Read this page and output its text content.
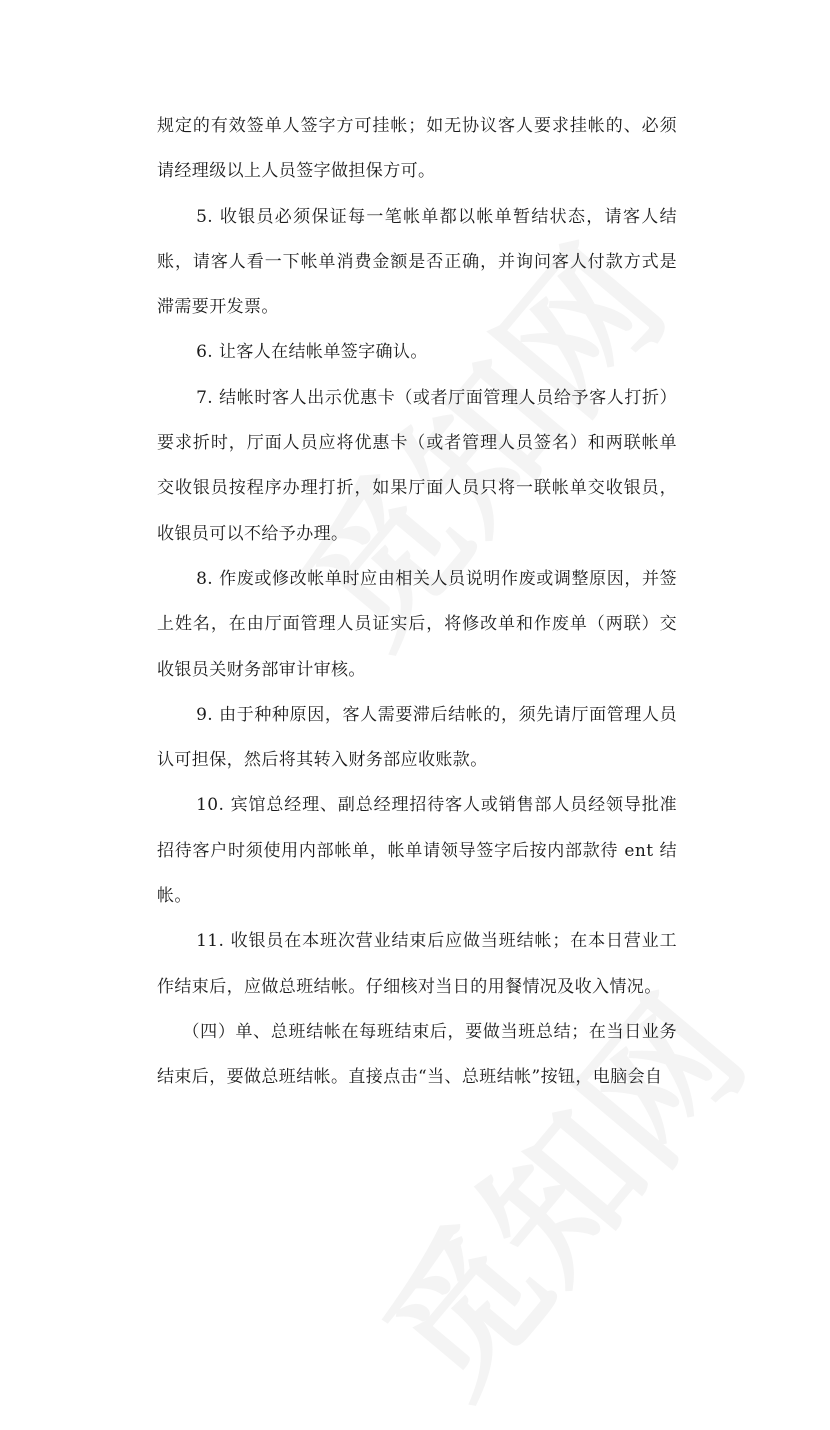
规定的有效签单人签字方可挂帐；如无协议客人要求挂帐的、必须请经理级以上人员签字做担保方可。

5. 收银员必须保证每一笔帐单都以帐单暂结状态，请客人结账，请客人看一下帐单消费金额是否正确，并询问客人付款方式是滞需要开发票。

6. 让客人在结帐单签字确认。

7. 结帐时客人出示优惠卡（或者厅面管理人员给予客人打折）要求折时，厅面人员应将优惠卡（或者管理人员签名）和两联帐单交收银员按程序办理打折，如果厅面人员只将一联帐单交收银员，收银员可以不给予办理。

8. 作废或修改帐单时应由相关人员说明作废或调整原因，并签上姓名，在由厅面管理人员证实后，将修改单和作废单（两联）交收银员关财务部审计审核。

9. 由于种种原因，客人需要滞后结帐的，须先请厅面管理人员认可担保，然后将其转入财务部应收账款。

10. 宾馆总经理、副总经理招待客人或销售部人员经领导批准招待客户时须使用内部帐单，帐单请领导签字后按内部款待 ent 结帐。

11. 收银员在本班次营业结束后应做当班结帐；在本日营业工作结束后，应做总班结帐。仔细核对当日的用餐情况及收入情况。

（四）单、总班结帐在每班结束后，要做当班总结；在当日业务结束后，要做总班结帐。直接点击“当、总班结帐”按钮，电脑会自
